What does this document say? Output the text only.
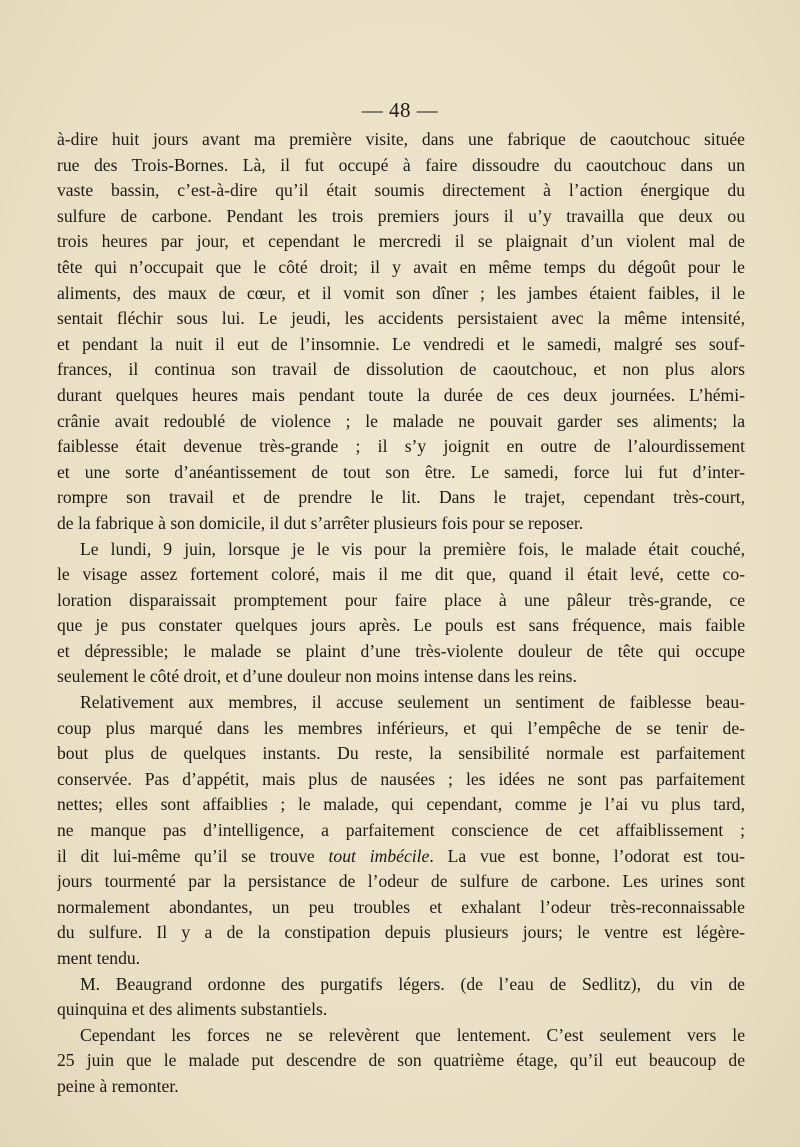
— 48 —

à-dire huit jours avant ma première visite, dans une fabrique de caoutchouc située
rue des Trois-Bornes. Là, il fut occupé à faire dissoudre du caoutchouc dans un
vaste bassin, c’est-à-dire qu’il était soumis directement à l’action énergique du
sulfure de carbone. Pendant les trois premiers jours il u’y travailla que deux ou
trois heures par jour, et cependant le mercredi il se plaignait d’un violent mal de
tête qui n’occupait que le côté droit; il y avait en même temps du dégoût pour le
aliments, des maux de cœur, et il vomit son dîner ; les jambes étaient faibles, il le
sentait fléchir sous lui. Le jeudi, les accidents persistaient avec la même intensité,
et pendant la nuit il eut de l’insomnie. Le vendredi et le samedi, malgré ses souf-
frances, il continua son travail de dissolution de caoutchouc, et non plus alors
durant quelques heures mais pendant toute la durée de ces deux journées. L’hémi-
crânie avait redoublé de violence ; le malade ne pouvait garder ses aliments; la
faiblesse était devenue très-grande ; il s’y joignit en outre de l’alourdissement
et une sorte d’anéantissement de tout son être. Le samedi, force lui fut d’inter-
rompre son travail et de prendre le lit. Dans le trajet, cependant très-court,
de la fabrique à son domicile, il dut s’arrêter plusieurs fois pour se reposer.

Le lundi, 9 juin, lorsque je le vis pour la première fois, le malade était couché,
le visage assez fortement coloré, mais il me dit que, quand il était levé, cette co-
loration disparaissait promptement pour faire place à une pâleur très-grande, ce
que je pus constater quelques jours après. Le pouls est sans fréquence, mais faible
et dépressible; le malade se plaint d’une très-violente douleur de tête qui occupe
seulement le côté droit, et d’une douleur non moins intense dans les reins.

Relativement aux membres, il accuse seulement un sentiment de faiblesse beau-
coup plus marqué dans les membres inférieurs, et qui l’empêche de se tenir de-
bout plus de quelques instants. Du reste, la sensibilité normale est parfaitement
conservée. Pas d’appétit, mais plus de nausées ; les idées ne sont pas parfaitement
nettes; elles sont affaiblies ; le malade, qui cependant, comme je l’ai vu plus tard,
ne manque pas d’intelligence, a parfaitement conscience de cet affaiblissement ;
il dit lui-même qu’il se trouve tout imbécile. La vue est bonne, l’odorat est tou-
jours tourmenté par la persistance de l’odeur de sulfure de carbone. Les urines sont
normalement abondantes, un peu troubles et exhalant l’odeur très-reconnaissable
du sulfure. Il y a de la constipation depuis plusieurs jours; le ventre est légère-
ment tendu.

M. Beaugrand ordonne des purgatifs légers. (de l’eau de Sedlitz), du vin de
quinquina et des aliments substantiels.

Cependant les forces ne se relevèrent que lentement. C’est seulement vers le
25 juin que le malade put descendre de son quatrième étage, qu’il eut beaucoup de
peine à remonter.
